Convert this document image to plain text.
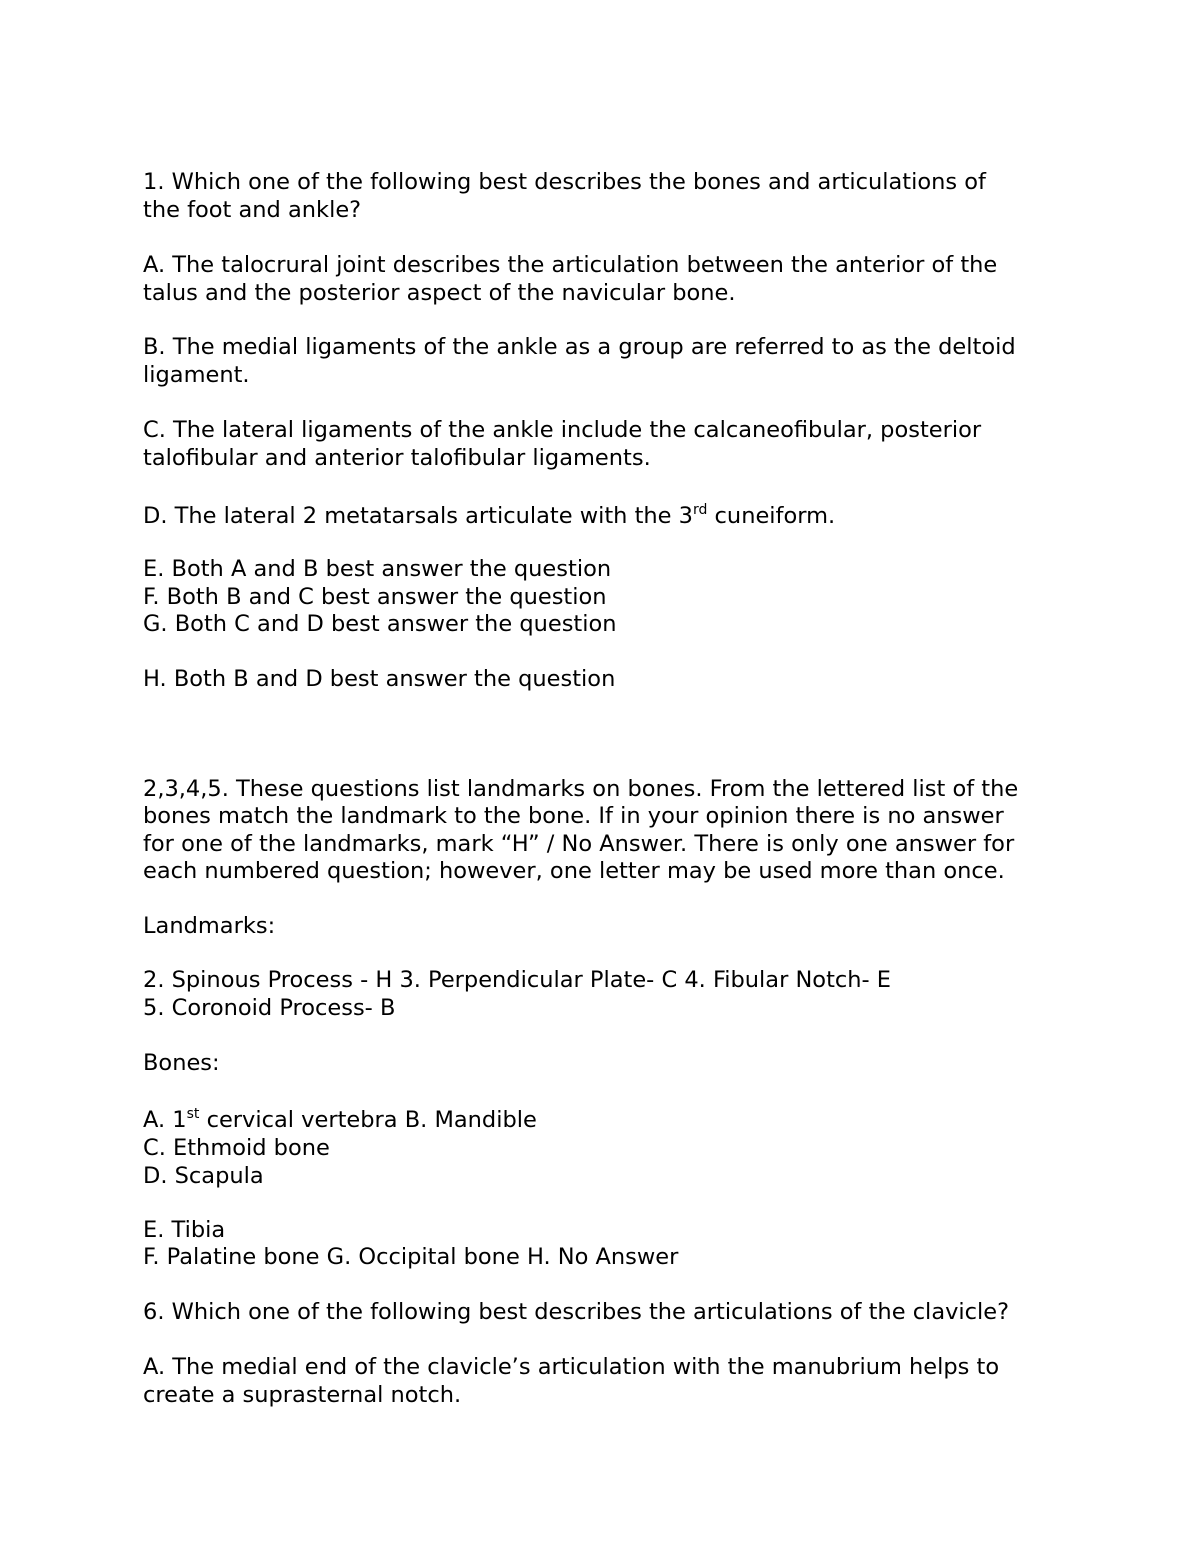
1. Which one of the following best describes the bones and articulations of
the foot and ankle?
A. The talocrural joint describes the articulation between the anterior of the
talus and the posterior aspect of the navicular bone.
B. The medial ligaments of the ankle as a group are referred to as the deltoid
ligament.
C. The lateral ligaments of the ankle include the calcaneofibular, posterior
talofibular and anterior talofibular ligaments.
D. The lateral 2 metatarsals articulate with the 3rd cuneiform.
E. Both A and B best answer the question
F. Both B and C best answer the question
G. Both C and D best answer the question
H. Both B and D best answer the question
2,3,4,5. These questions list landmarks on bones. From the lettered list of the
bones match the landmark to the bone. If in your opinion there is no answer
for one of the landmarks, mark “H” / No Answer. There is only one answer for
each numbered question; however, one letter may be used more than once.
Landmarks:
2. Spinous Process - H 3. Perpendicular Plate- C 4. Fibular Notch- E
5. Coronoid Process- B
Bones:
A. 1st cervical vertebra B. Mandible
C. Ethmoid bone
D. Scapula
E. Tibia
F. Palatine bone G. Occipital bone H. No Answer
6. Which one of the following best describes the articulations of the clavicle?
A. The medial end of the clavicle’s articulation with the manubrium helps to
create a suprasternal notch.
